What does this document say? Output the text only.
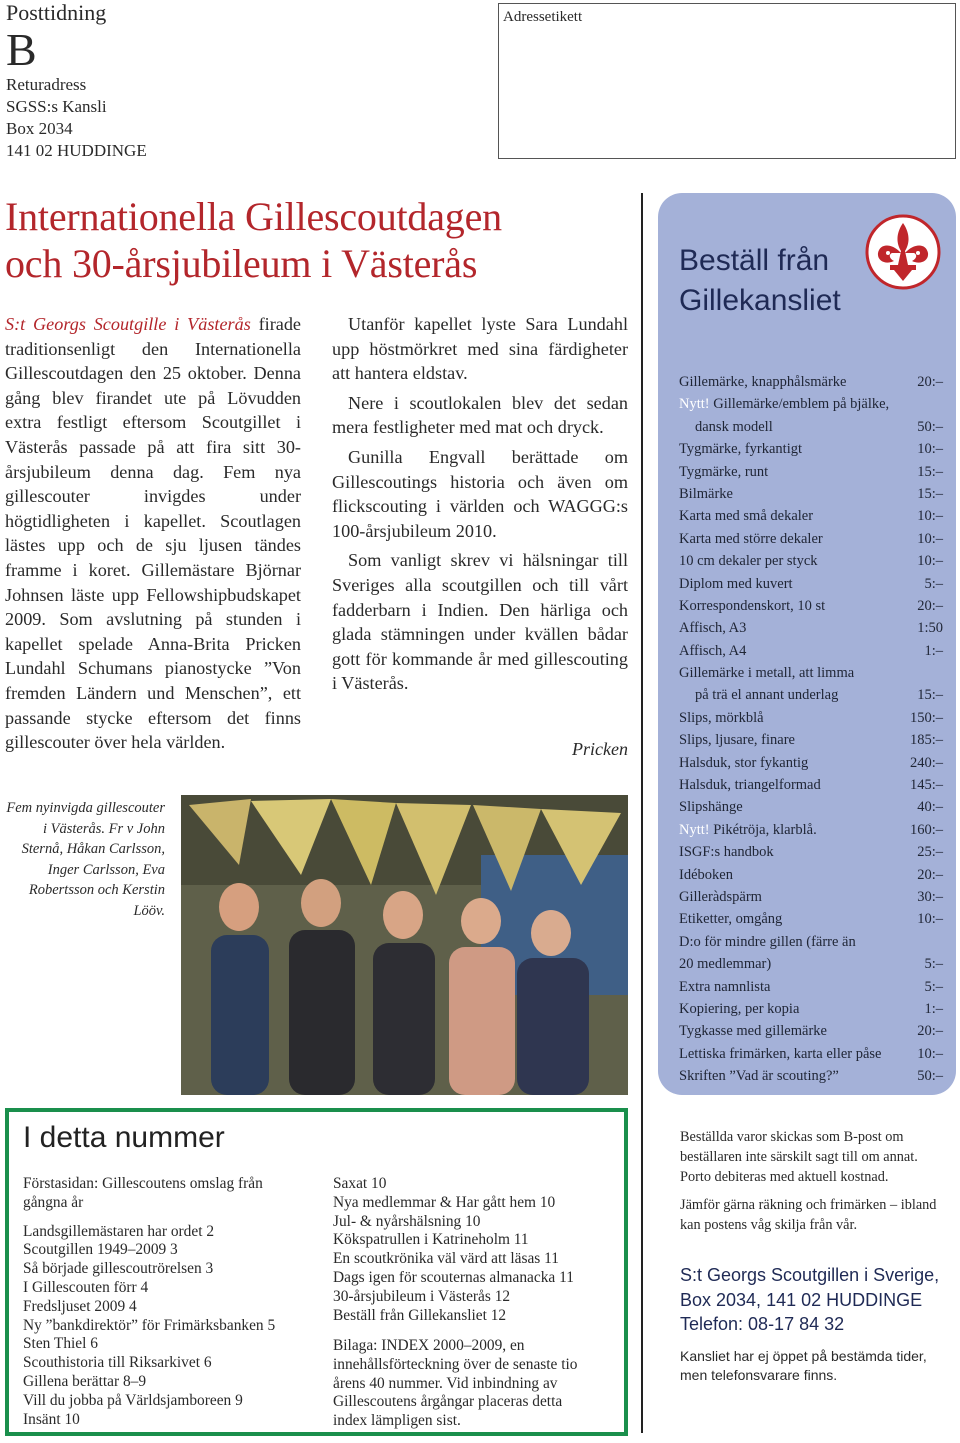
Posttidning
B
Returadress
SGSS:s Kansli
Box 2034
141 02 HUDDINGE
Adressetikett
Internationella Gillescoutdagen
och 30-årsjubileum i Västerås
S:t Georgs Scoutgille i Västerås firade traditionsenligt den Internationella Gillescoutdagen den 25 oktober. Denna gång blev firandet ute på Lövudden extra festligt eftersom Scoutgillet i Västerås passade på att fira sitt 30-årsjubileum denna dag. Fem nya gillescouter invigdes under högtidligheten i kapellet. Scoutlagen lästes upp och de sju ljusen tändes framme i koret. Gillemästare Björnar Johnsen läste upp Fellowshipbudskapet 2009. Som avslutning på stunden i kapellet spelade Anna-Brita Pricken Lundahl Schumans pianostycke ”Von fremden Ländern und Menschen”, ett passande stycke eftersom det finns gillescouter över hela världen.

Utanför kapellet lyste Sara Lundahl upp höstmörkret med sina färdigheter att hantera eldstav.

Nere i scoutlokalen blev det sedan mera festligheter med mat och dryck.

Gunilla Engvall berättade om Gillescoutings historia och även om flickscouting i världen och WAGGG:s 100-årsjubileum 2010.

Som vanligt skrev vi hälsningar till Sveriges alla scoutgillen och till vårt fadderbarn i Indien. Den härliga och glada stämningen under kvällen bådar gott för kommande år med gillescouting i Västerås.

Pricken
Fem nyinvigda gillescouter i Västerås. Fr v John Sternå, Håkan Carlsson, Inger Carlsson, Eva Robertsson och Kerstin Lööv.
Beställ från
Gillekansliet
Gillemärke, knapphålsmärke	20:–
Nytt! Gillemärke/emblem på bjälke,
dansk modell	50:–
Tygmärke, fyrkantigt	10:–
Tygmärke, runt	15:–
Bilmärke	15:–
Karta med små dekaler	10:–
Karta med större dekaler	10:–
10 cm dekaler per styck	10:–
Diplom med kuvert	5:–
Korrespondenskort, 10 st	20:–
Affisch, A3	1:50
Affisch, A4	1:–
Gillemärke i metall, att limma
på trä el annant underlag	15:–
Slips, mörkblå	150:–
Slips, ljusare, finare	185:–
Halsduk, stor fykantig	240:–
Halsduk, triangelformad	145:–
Slipshänge	40:–
Nytt! Pikétröja, klarblå.	160:–
ISGF:s handbok	25:–
Idéboken	20:–
Gilleràdspärm	30:–
Etiketter, omgång	10:–
D:o för mindre gillen (färre än
20 medlemmar)	5:–
Extra namnlista	5:–
Kopiering, per kopia	1:–
Tygkasse med gillemärke	20:–
Lettiska frimärken, karta eller påse 10:–
Skriften ”Vad är scouting?”	50:–
I detta nummer
Förstasidan: Gillescoutens omslag från
gångna år
Landsgillemästaren har ordet 2
Scoutgillen 1949–2009 3
Så började gillescoutrörelsen 3
I Gillescouten förr 4
Fredsljuset 2009 4
Ny ”bankdirektör” för Frimärksbanken 5
Sten Thiel 6
Scouthistoria till Riksarkivet 6
Gillena berättar 8–9
Vill du jobba på Världsjamboreen 9
Insänt 10
Saxat 10
Nya medlemmar & Har gått hem 10
Jul- & nyårshälsning 10
Kökspatrullen i Katrineholm 11
En scoutkrönika väl värd att läsas 11
Dags igen för scouternas almanacka 11
30-årsjubileum i Västerås 12
Beställ från Gillekansliet 12
Bilaga: INDEX 2000–2009, en innehållsförteckning över de senaste tio årens 40 nummer. Vid inbindning av Gillescoutens årgångar placeras detta index lämpligen sist.

Beställda varor skickas som B-post om beställaren inte särskilt sagt till om annat. Porto debiteras med aktuell kostnad.

Jämför gärna räkning och frimärken – ibland kan postens våg skilja från vår.

S:t Georgs Scoutgillen i Sverige,
Box 2034, 141 02 HUDDINGE
Telefon: 08-17 84 32
Kansliet har ej öppet på bestämda tider, men telefonsvarare finns.
